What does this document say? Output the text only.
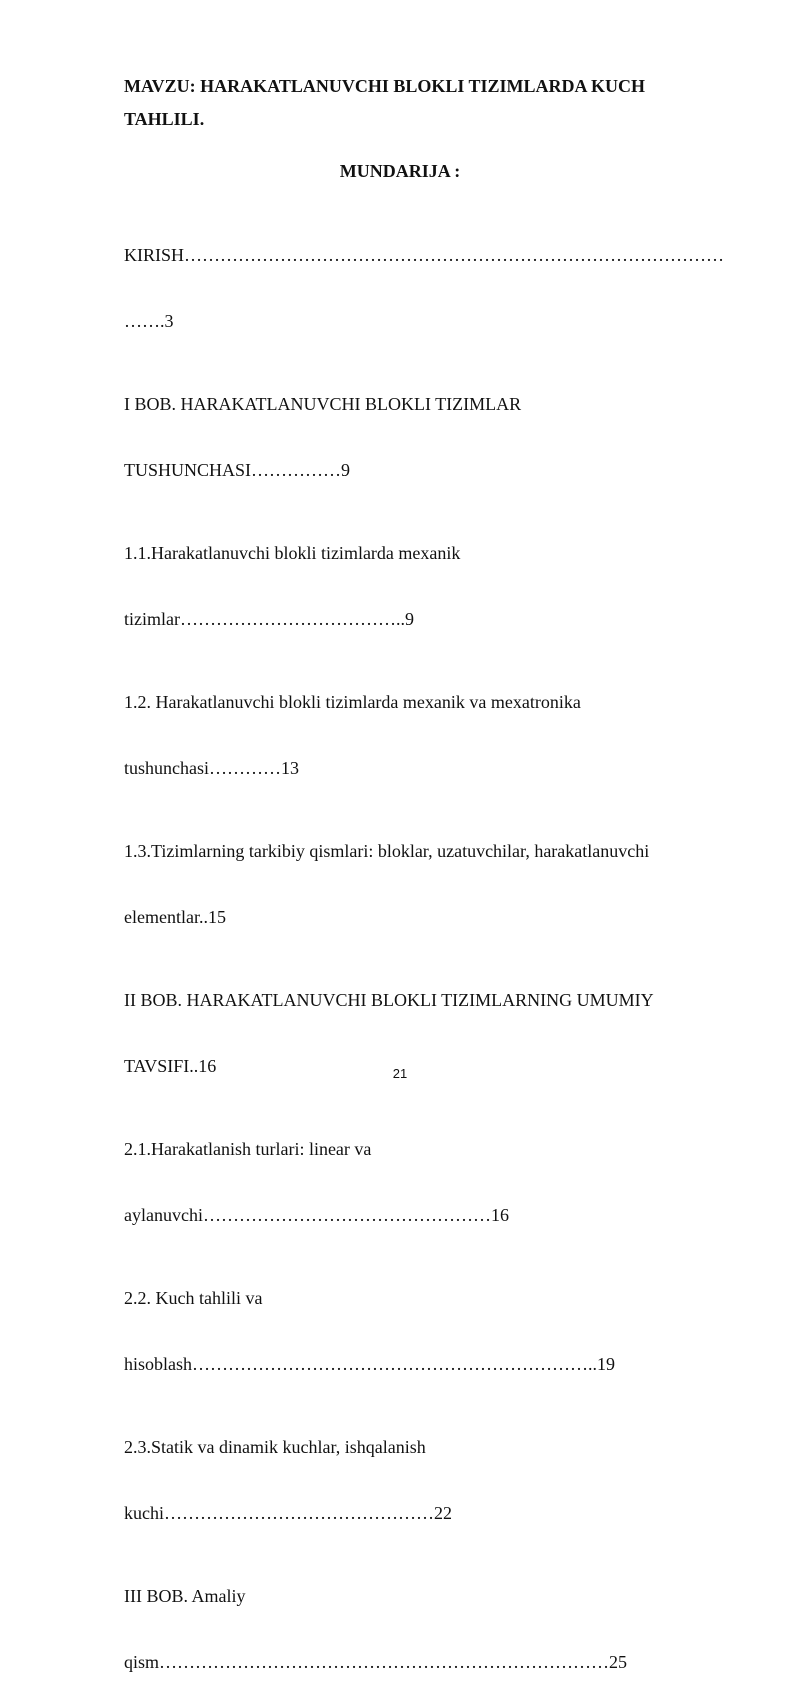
MAVZU: HARAKATLANUVCHI BLOKLI TIZIMLARDA KUCH
TAHLILI.
MUNDARIJA :

KIRISH………………………………………………………………………………

…….3

I BOB. HARAKATLANUVCHI BLOKLI TIZIMLAR

TUSHUNCHASI……………9

1.1.Harakatlanuvchi blokli tizimlarda mexanik

tizimlar………………………………..9

1.2. Harakatlanuvchi blokli tizimlarda mexanik va mexatronika

tushunchasi…………13

1.3.Tizimlarning tarkibiy qismlari: bloklar, uzatuvchilar, harakatlanuvchi

elementlar..15

II BOB. HARAKATLANUVCHI BLOKLI TIZIMLARNING UMUMIY

TAVSIFI..16

2.1.Harakatlanish turlari: linear va

aylanuvchi…………………………………………16

2.2. Kuch tahlili va

hisoblash…………………………………………………………..19

2.3.Statik va dinamik kuchlar, ishqalanish

kuchi………………………………………22

III BOB. Amaliy

qism…………………………………………………………………25

21
